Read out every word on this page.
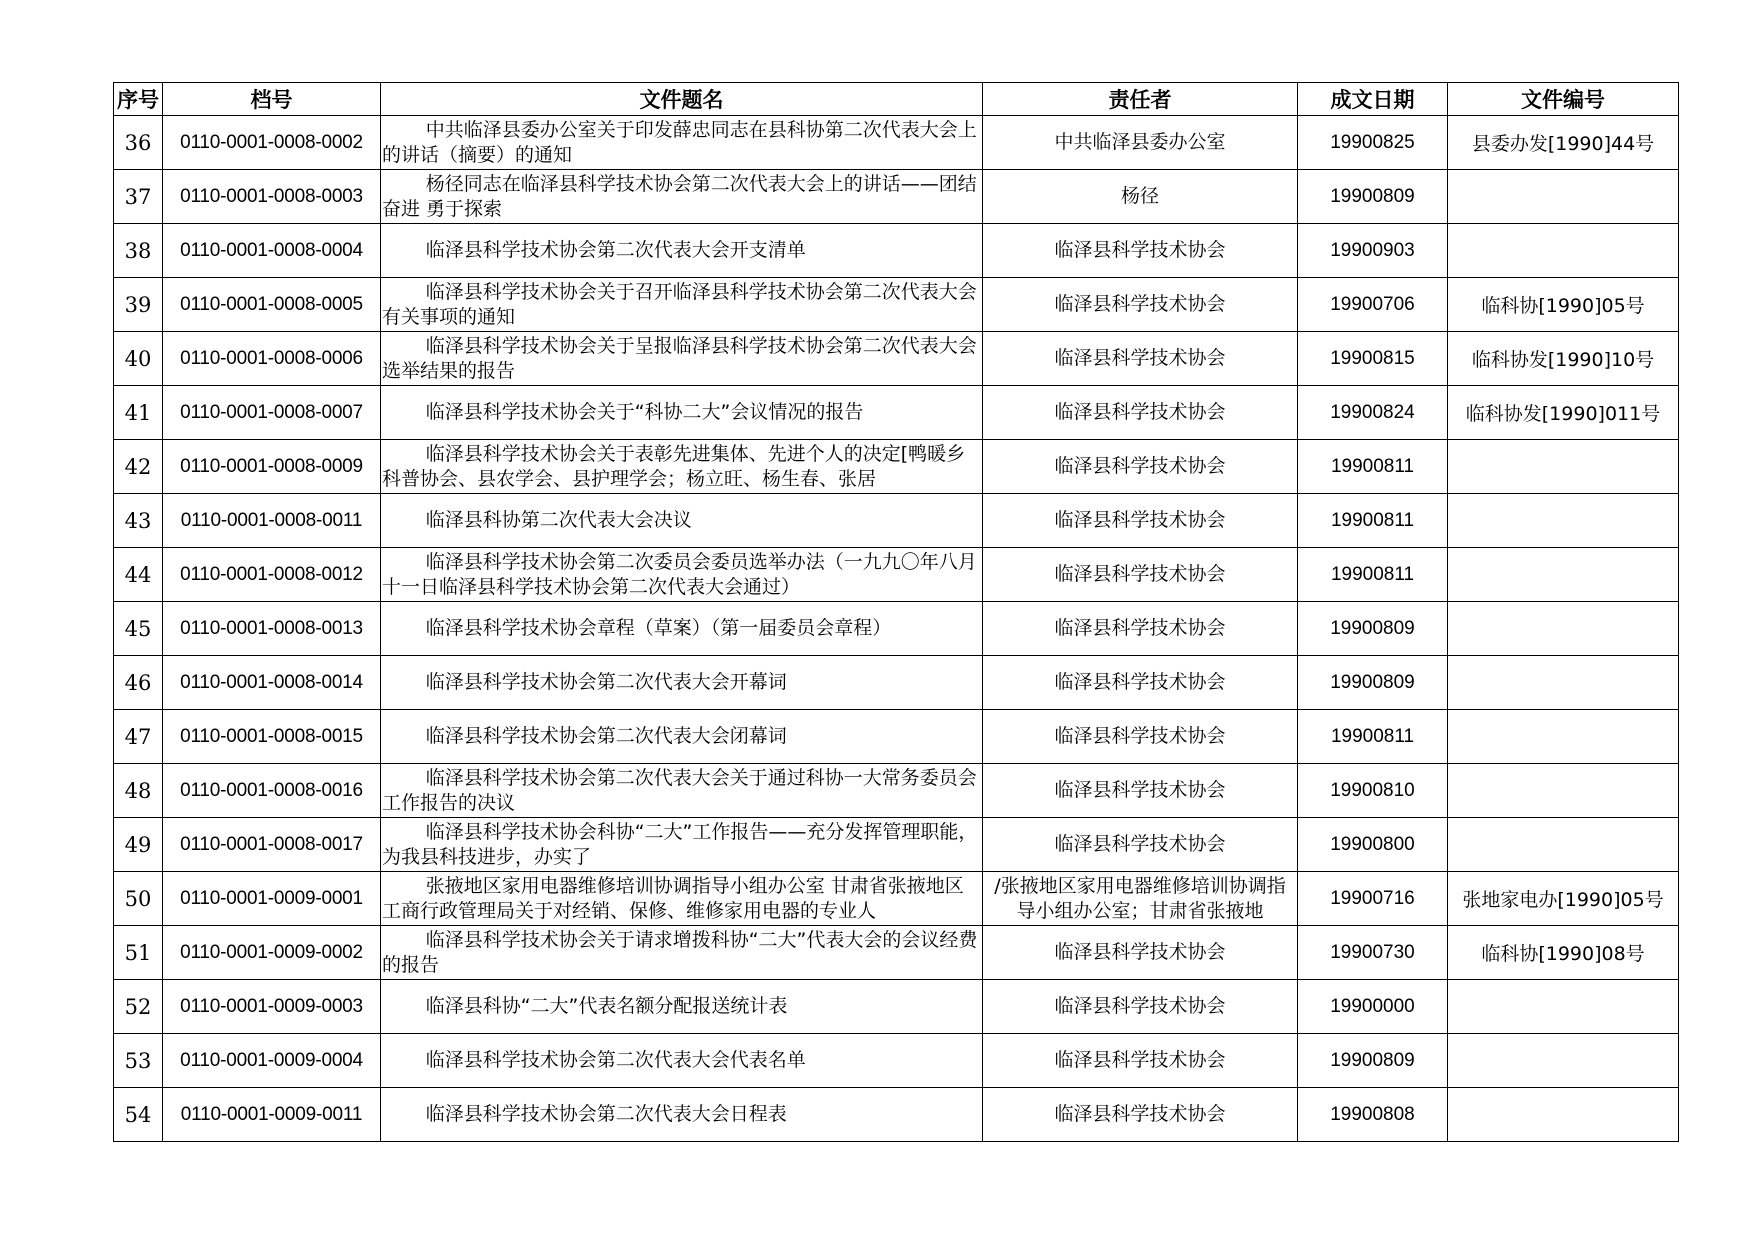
序号	档号	文件题名	责任者	成文日期	文件编号
36	0110-0001-0008-0002	中共临泽县委办公室关于印发薛忠同志在县科协第二次代表大会上的讲话（摘要）的通知	中共临泽县委办公室	19900825	县委办发[1990]44号
37	0110-0001-0008-0003	杨径同志在临泽县科学技术协会第二次代表大会上的讲话——团结奋进 勇于探索	杨径	19900809	
38	0110-0001-0008-0004	临泽县科学技术协会第二次代表大会开支清单	临泽县科学技术协会	19900903	
39	0110-0001-0008-0005	临泽县科学技术协会关于召开临泽县科学技术协会第二次代表大会有关事项的通知	临泽县科学技术协会	19900706	临科协[1990]05号
40	0110-0001-0008-0006	临泽县科学技术协会关于呈报临泽县科学技术协会第二次代表大会选举结果的报告	临泽县科学技术协会	19900815	临科协发[1990]10号
41	0110-0001-0008-0007	临泽县科学技术协会关于“科协二大”会议情况的报告	临泽县科学技术协会	19900824	临科协发[1990]011号
42	0110-0001-0008-0009	临泽县科学技术协会关于表彰先进集体、先进个人的决定[鸭暖乡科普协会、县农学会、县护理学会；杨立旺、杨生春、张居	临泽县科学技术协会	19900811	
43	0110-0001-0008-0011	临泽县科协第二次代表大会决议	临泽县科学技术协会	19900811	
44	0110-0001-0008-0012	临泽县科学技术协会第二次委员会委员选举办法（一九九〇年八月十一日临泽县科学技术协会第二次代表大会通过）	临泽县科学技术协会	19900811	
45	0110-0001-0008-0013	临泽县科学技术协会章程（草案）（第一届委员会章程）	临泽县科学技术协会	19900809	
46	0110-0001-0008-0014	临泽县科学技术协会第二次代表大会开幕词	临泽县科学技术协会	19900809	
47	0110-0001-0008-0015	临泽县科学技术协会第二次代表大会闭幕词	临泽县科学技术协会	19900811	
48	0110-0001-0008-0016	临泽县科学技术协会第二次代表大会关于通过科协一大常务委员会工作报告的决议	临泽县科学技术协会	19900810	
49	0110-0001-0008-0017	临泽县科学技术协会科协“二大”工作报告——充分发挥管理职能，为我县科技进步，办实了	临泽县科学技术协会	19900800	
50	0110-0001-0009-0001	张掖地区家用电器维修培训协调指导小组办公室 甘肃省张掖地区工商行政管理局关于对经销、保修、维修家用电器的专业人	/张掖地区家用电器维修培训协调指导小组办公室；甘肃省张掖地	19900716	张地家电办[1990]05号
51	0110-0001-0009-0002	临泽县科学技术协会关于请求增拨科协“二大”代表大会的会议经费的报告	临泽县科学技术协会	19900730	临科协[1990]08号
52	0110-0001-0009-0003	临泽县科协“二大”代表名额分配报送统计表	临泽县科学技术协会	19900000	
53	0110-0001-0009-0004	临泽县科学技术协会第二次代表大会代表名单	临泽县科学技术协会	19900809	
54	0110-0001-0009-0011	临泽县科学技术协会第二次代表大会日程表	临泽县科学技术协会	19900808	
